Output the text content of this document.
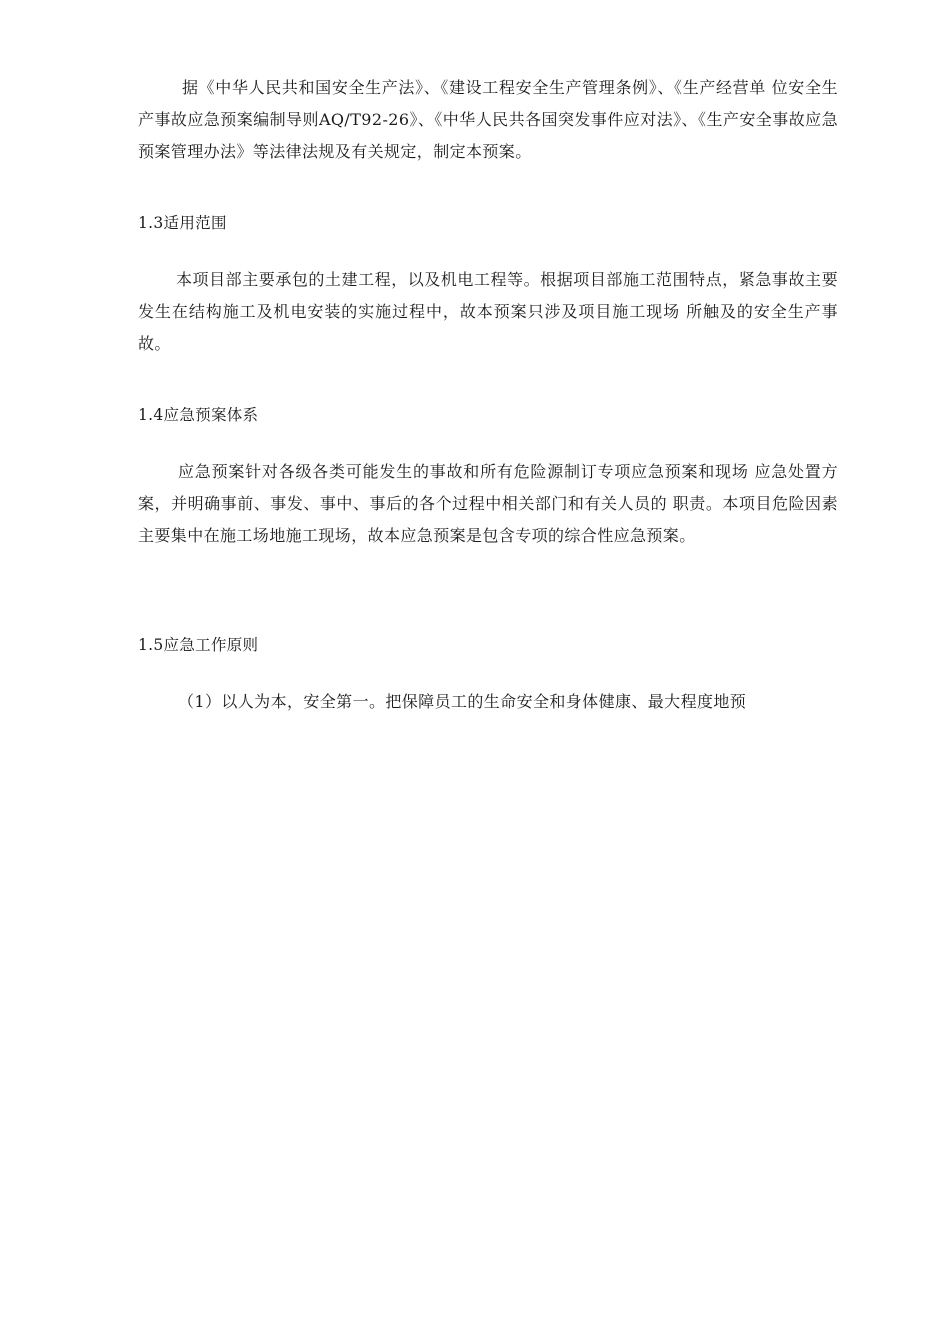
据《中华人民共和国安全生产法》、《建设工程安全生产管理条例》、《生产经营单 位安全生产事故应急预案编制导则AQ/T92-26》、《中华人民共各国突发事件应对法》、《生产安全事故应急预案管理办法》等法律法规及有关规定，制定本预案。

1.3适用范围

本项目部主要承包的土建工程，以及机电工程等。根据项目部施工范围特点，紧急事故主要发生在结构施工及机电安装的实施过程中，故本预案只涉及项目施工现场 所触及的安全生产事故。

1.4应急预案体系

应急预案针对各级各类可能发生的事故和所有危险源制订专项应急预案和现场 应急处置方案，并明确事前、事发、事中、事后的各个过程中相关部门和有关人员的 职责。本项目危险因素主要集中在施工场地施工现场，故本应急预案是包含专项的综合性应急预案。

1.5应急工作原则

（1）以人为本，安全第一。把保障员工的生命安全和身体健康、最大程度地预
